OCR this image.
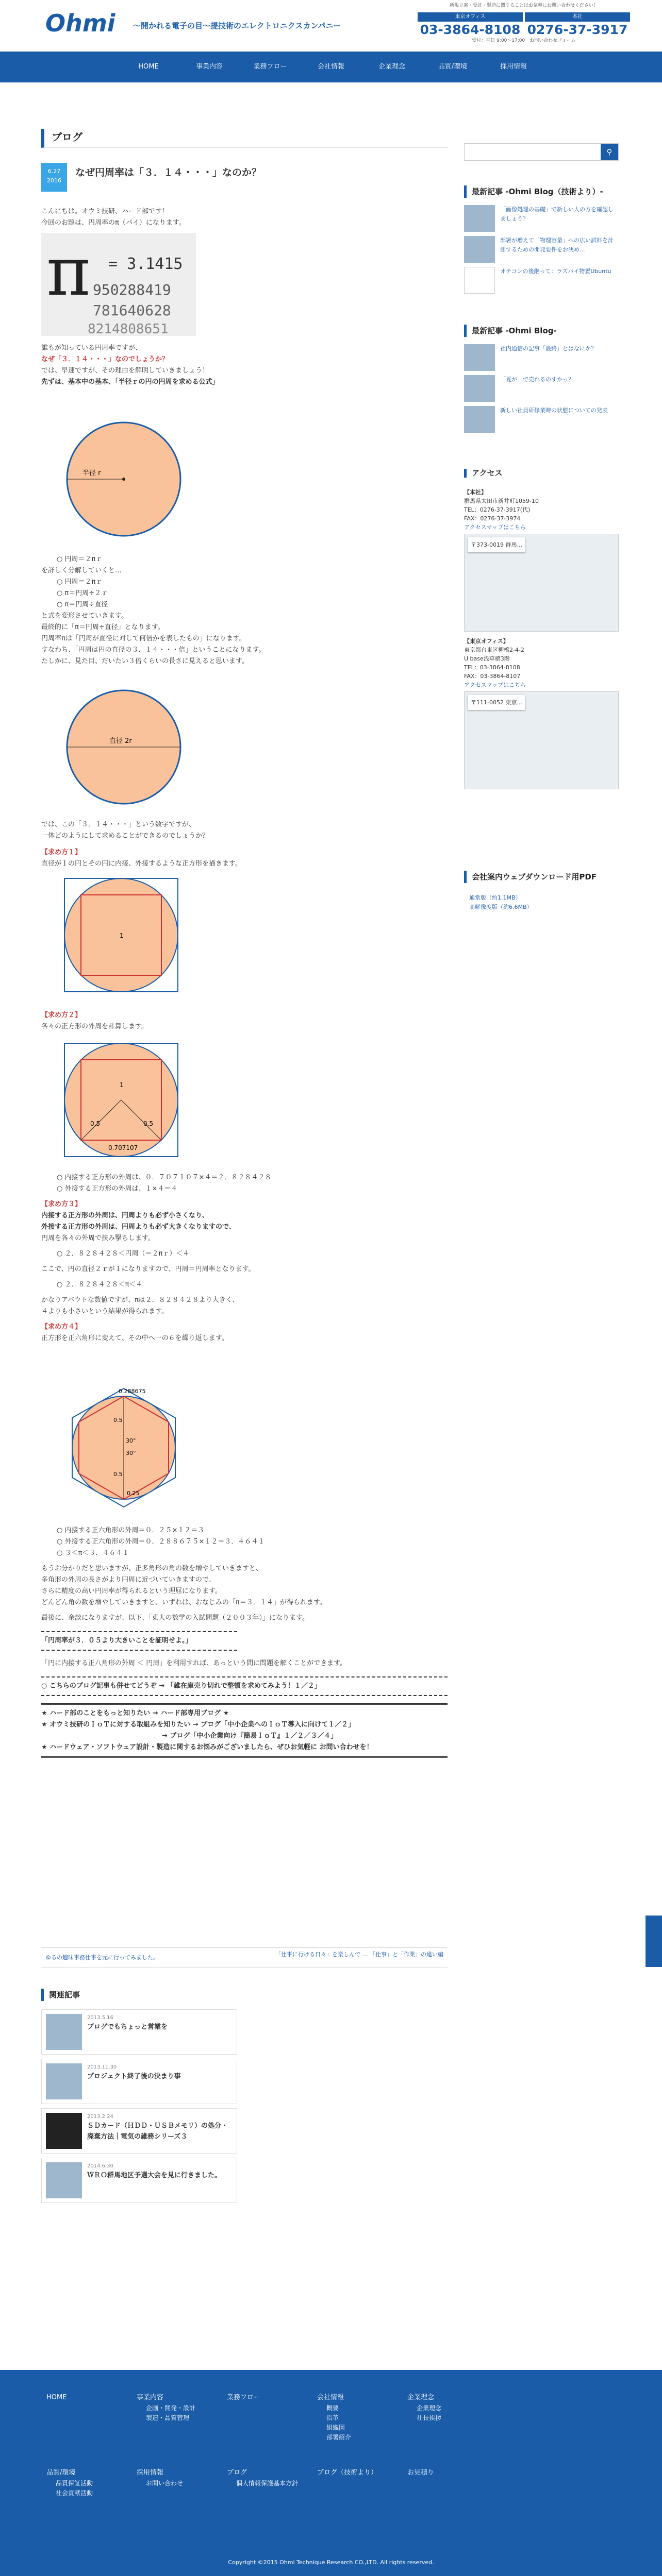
Ohmi 〜開かれる電子の目〜提技術のエレクトロニクスカンパニー
新規立案・受託・製造に関することはお気軽にお問い合わせください！
東京オフィス
03-3864-8108
本社
0276-37-3917
受付：平日 9:00〜17:00　お問い合わせフォーム
HOME	事業内容	業務フロー	会社情報	企業理念	品質/環境	採用情報
ブログ
6.27
2016
なぜ円周率は「３．１４・・・」なのか？

こんにちは。オウミ技研、ハード部です！

今回のお題は、円周率のπ（パイ）になります。

π = 3.1415
950288419
781640628
8214808651

誰もが知っている円周率ですが、

なぜ「３．１４・・・」なのでしょうか？

では、早速ですが、その理由を解明していきましょう！

先ずは、基本中の基本、「半径ｒの円の円周を求める公式」

半径 r

○ 円周＝２πｒ

を詳しく分解していくと…

○ 円周＝２πｒ

○ π＝円周÷２ｒ

○ π＝円周÷直径

と式を変形させていきます。

最終的に「π＝円周÷直径」となります。

円周率πは「円周が直径に対して何倍かを表したもの」になります。

すなわち、「円周は円の直径の３．１４・・・倍」ということになります。

たしかに、見た目、だいたい３倍くらいの長さに見えると思います。

直径 2r

では、この「３．１４・・・」という数字ですが、

一体どのようにして求めることができるのでしょうか？

【求め方１】

直径が１の円とその円に内接、外接するような正方形を描きます。

1

【求め方２】

各々の正方形の外周を計算します。

1
0.5	0.5
0.707107

○ 内接する正方形の外周は、０．７０７１０７×４＝２．８２８４２８

○ 外接する正方形の外周は、１×４＝４

【求め方３】

内接する正方形の外周は、円周よりも必ず小さくなり、

外接する正方形の外周は、円周よりも必ず大きくなりますので、

円周を各々の外周で挟み撃ちします。

○ ２．８２８４２８＜円周（＝２πｒ）＜４

ここで、円の直径２ｒが１になりますので、円周＝円周率となります。

○ ２．８２８４２８＜π＜４

かなりアバウトな数値ですが、πは２．８２８４２８より大きく、

４よりも小さいという結果が得られます。

【求め方４】

正方形を正六角形に変えて、その中へ一の６を繰り返します。

0.288675
0.5
30°
30°
0.5
0.25

○ 内接する正六角形の外周＝０．２５×１２＝３

○ 外接する正六角形の外周＝０．２８８６７５×１２＝３．４６４１

○ ３＜π＜３．４６４１

もうお分かりだと思いますが、正多角形の角の数を増やしていきますと、

多角形の外周の長さがより円周に近づいていきますので、

さらに精度の高い円周率が得られるという理屈になります。

どんどん角の数を増やしていきますと、いずれは、おなじみの「π＝３．１４」が得られます。

最後に、余談になりますが、以下、「東大の数学の入試問題（２００３年）」になります。

「円周率が３．０５より大きいことを証明せよ。」

「円に内接する正八角形の外周 ＜ 円周」を利用すれば、あっという間に問題を解くことができます。

○ こちらのブログ記事も併せてどうぞ → 「雑在庫売り切れで整頓を求めてみよう！１／２」

★ ハード部のことをもっと知りたい → ハード部専用ブログ ★

★ オウミ技研のＩｏＴに対する取組みを知りたい → ブログ「中小企業へのＩｏＴ導入に向けて１／２」

　　　　　　　　　　　　　　　　　　→ ブログ「中小企業向け『簡易ＩｏＴ』１／２／３／４」

★ ハードウェア・ソフトウェア設計・製造に関するお悩みがございましたら、ぜひお気軽に お問い合わせを！

ゆるの趣味事務仕事を元に行ってみました。	「仕事に行ける日々」を楽しんで … 「仕事」と「作業」の違い編
関連記事
2013.5.16
ブログでもちょっと営業を
2013.11.30
プロジェクト終了後の決まり事
2013.2.24
ＳＤカード（ＨＤＤ・ＵＳＢメモリ）の処分・廃棄方法｜電気の雑務シリーズ３
2014.6.30
ＷＲＯ群馬地区予選大会を見に行きました。
⚲
最新記事 -Ohmi Blog（技術より）-
「画像処理の基礎」で新しい人の方を確認しましょう？
部署が増えて「物理容量」への広い試料を計測するための開発要件をお決め...
オテコンの後継って：ラズパイ物置Ubuntu
最新記事 -Ohmi Blog-
社内通信の記事「最終」とはなにか？
「夏が」で売れるのすかっ？
新しい社員研修業時の状態についての発表
アクセス
【本社】
群馬県太田市新井町1059-10
TEL：0276-37-3917(代)
FAX：0276-37-3974
アクセスマップはこちら
〒373-0019 群馬...
【東京オフィス】
東京都台東区柳橋2-4-2
U base浅草橋3階
TEL：03-3864-8108
FAX：03-3864-8107
アクセスマップはこちら
〒111-0052 東京...
会社案内ウェブダウンロード用PDF
通常版（約1.1MB）
高解像度版（約6.6MB）
HOME	事業内容
企画・開発・設計
製造・品質管理
業務フロー	会社情報
概要
沿革
組織図
部署紹介
企業理念
企業理念
社長挨拶
品質/環境
品質保証活動
社会貢献活動
採用情報
お問い合わせ
ブログ
個人情報保護基本方針
ブログ（技術より）	お見積り
Copyright ©2015 Ohmi Technique Research CO.,LTD. All rights reserved.
